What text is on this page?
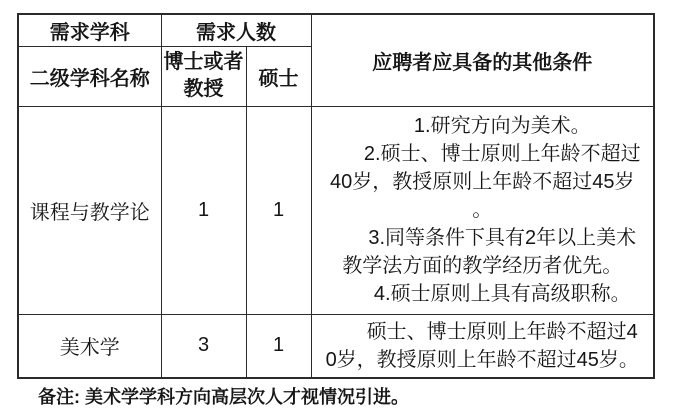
需求学科	需求人数		应聘者应具备的其他条件
二级学科名称	博士或者教授	硕士	
课程与教学论	1	1	
1.研究方向为美术。
2.硕士、博士原则上年龄不超过
40岁，教授原则上年龄不超过45岁
。
3.同等条件下具有2年以上美术
教学法方面的教学经历者优先。
4.硕士原则上具有高级职称。

美术学	3	1	硕士、博士原则上年龄不超过4
0岁，教授原则上年龄不超过45岁。
备注: 美术学学科方向高层次人才视情况引进。
